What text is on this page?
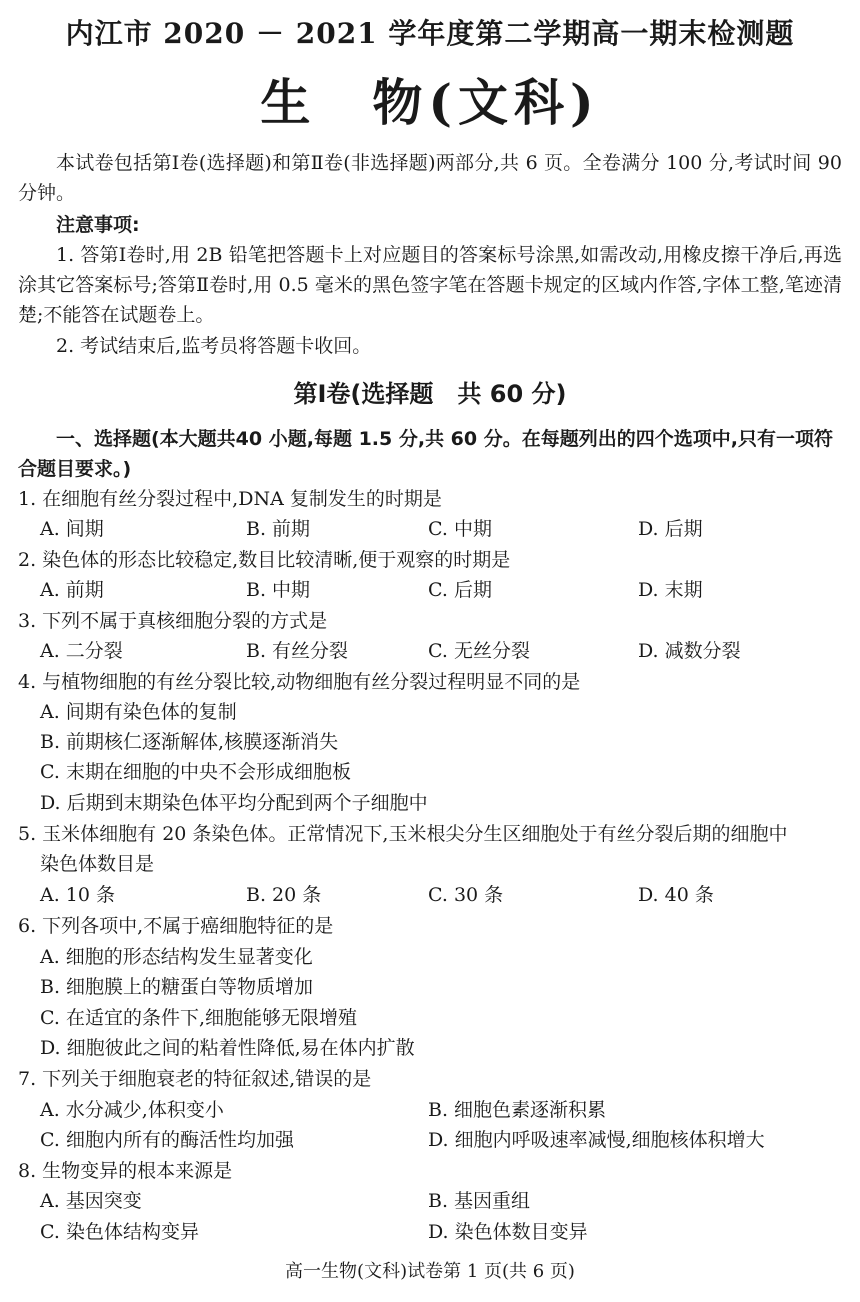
内江市 2020 － 2021 学年度第二学期高一期末检测题
生　物(文科)

本试卷包括第Ⅰ卷(选择题)和第Ⅱ卷(非选择题)两部分,共 6 页。全卷满分 100 分,考试时间 90 分钟。

注意事项:

1. 答第Ⅰ卷时,用 2B 铅笔把答题卡上对应题目的答案标号涂黑,如需改动,用橡皮擦干净后,再选涂其它答案标号;答第Ⅱ卷时,用 0.5 毫米的黑色签字笔在答题卡规定的区域内作答,字体工整,笔迹清楚;不能答在试题卷上。

2. 考试结束后,监考员将答题卡收回。

第Ⅰ卷(选择题　共 60 分)

一、选择题(本大题共40 小题,每题 1.5 分,共 60 分。在每题列出的四个选项中,只有一项符合题目要求。)

1. 在细胞有丝分裂过程中,DNA 复制发生的时期是
A. 间期	B. 前期	C. 中期	D. 后期
2. 染色体的形态比较稳定,数目比较清晰,便于观察的时期是
A. 前期	B. 中期	C. 后期	D. 末期
3. 下列不属于真核细胞分裂的方式是
A. 二分裂	B. 有丝分裂	C. 无丝分裂	D. 减数分裂
4. 与植物细胞的有丝分裂比较,动物细胞有丝分裂过程明显不同的是
A. 间期有染色体的复制
B. 前期核仁逐渐解体,核膜逐渐消失
C. 末期在细胞的中央不会形成细胞板
D. 后期到末期染色体平均分配到两个子细胞中
5. 玉米体细胞有 20 条染色体。正常情况下,玉米根尖分生区细胞处于有丝分裂后期的细胞中
染色体数目是
A. 10 条	B. 20 条	C. 30 条	D. 40 条
6. 下列各项中,不属于癌细胞特征的是
A. 细胞的形态结构发生显著变化
B. 细胞膜上的糖蛋白等物质增加
C. 在适宜的条件下,细胞能够无限增殖
D. 细胞彼此之间的粘着性降低,易在体内扩散
7. 下列关于细胞衰老的特征叙述,错误的是
A. 水分减少,体积变小	B. 细胞色素逐渐积累
C. 细胞内所有的酶活性均加强	D. 细胞内呼吸速率减慢,细胞核体积增大
8. 生物变异的根本来源是
A. 基因突变	B. 基因重组
C. 染色体结构变异	D. 染色体数目变异
高一生物(文科)试卷第 1 页(共 6 页)
